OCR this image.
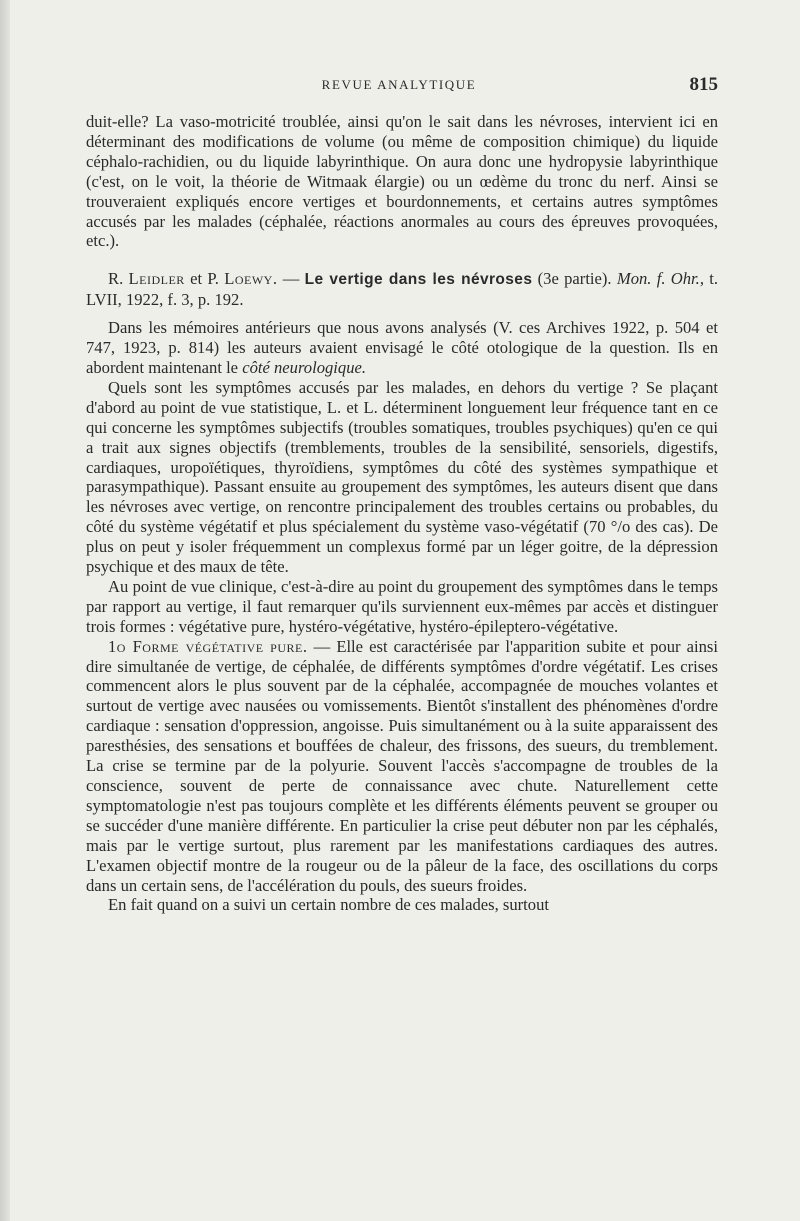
REVUE ANALYTIQUE	815

duit-elle? La vaso-motricité troublée, ainsi qu'on le sait dans les névroses, intervient ici en déterminant des modifications de volume (ou même de composition chimique) du liquide céphalo-rachidien, ou du liquide labyrinthique. On aura donc une hydropysie labyrinthique (c'est, on le voit, la théorie de Witmaak élargie) ou un œdème du tronc du nerf. Ainsi se trouveraient expliqués encore vertiges et bourdonnements, et certains autres symptômes accusés par les malades (céphalée, réactions anormales au cours des épreuves provoquées, etc.).

R. Leidler et P. Loewy. — Le vertige dans les névroses (3e partie). Mon. f. Ohr., t. LVII, 1922, f. 3, p. 192.

Dans les mémoires antérieurs que nous avons analysés (V. ces Archives 1922, p. 504 et 747, 1923, p. 814) les auteurs avaient envisagé le côté otologique de la question. Ils en abordent maintenant le côté neurologique.

Quels sont les symptômes accusés par les malades, en dehors du vertige ? Se plaçant d'abord au point de vue statistique, L. et L. déterminent longuement leur fréquence tant en ce qui concerne les symptômes subjectifs (troubles somatiques, troubles psychiques) qu'en ce qui a trait aux signes objectifs (tremblements, troubles de la sensibilité, sensoriels, digestifs, cardiaques, uropoïétiques, thyroïdiens, symptômes du côté des systèmes sympathique et parasympathique). Passant ensuite au groupement des symptômes, les auteurs disent que dans les névroses avec vertige, on rencontre principalement des troubles certains ou probables, du côté du système végétatif et plus spécialement du système vaso-végétatif (70 °/o des cas). De plus on peut y isoler fréquemment un complexus formé par un léger goitre, de la dépression psychique et des maux de tête.

Au point de vue clinique, c'est-à-dire au point du groupement des symptômes dans le temps par rapport au vertige, il faut remarquer qu'ils surviennent eux-mêmes par accès et distinguer trois formes : végétative pure, hystéro-végétative, hystéro-épileptero-végétative.

1o Forme végétative pure. — Elle est caractérisée par l'apparition subite et pour ainsi dire simultanée de vertige, de céphalée, de différents symptômes d'ordre végétatif. Les crises commencent alors le plus souvent par de la céphalée, accompagnée de mouches volantes et surtout de vertige avec nausées ou vomissements. Bientôt s'installent des phénomènes d'ordre cardiaque : sensation d'oppression, angoisse. Puis simultanément ou à la suite apparaissent des paresthésies, des sensations et bouffées de chaleur, des frissons, des sueurs, du tremblement. La crise se termine par de la polyurie. Souvent l'accès s'accompagne de troubles de la conscience, souvent de perte de connaissance avec chute. Naturellement cette symptomatologie n'est pas toujours complète et les différents éléments peuvent se grouper ou se succéder d'une manière différente. En particulier la crise peut débuter non par les céphalés, mais par le vertige surtout, plus rarement par les manifestations cardiaques des autres. L'examen objectif montre de la rougeur ou de la pâleur de la face, des oscillations du corps dans un certain sens, de l'accélération du pouls, des sueurs froides.

En fait quand on a suivi un certain nombre de ces malades, surtout
